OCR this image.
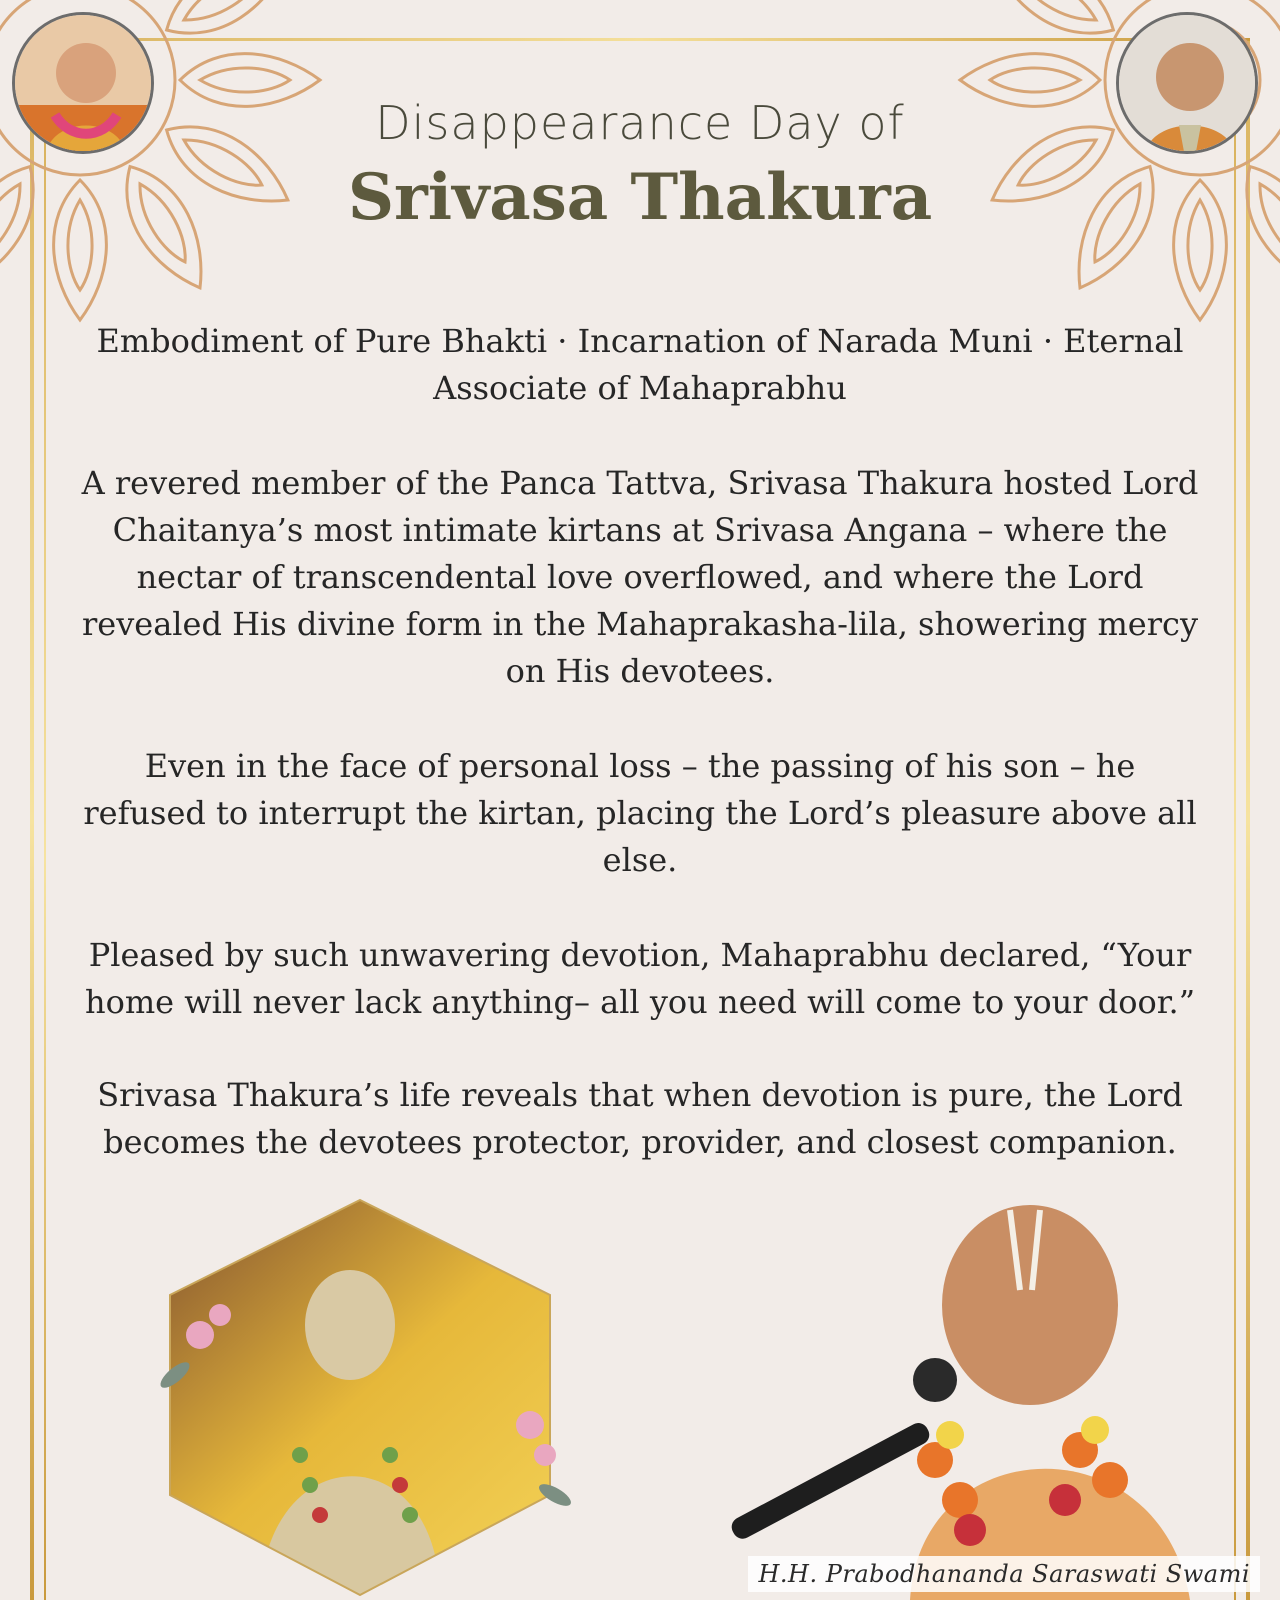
Disappearance Day of
Srivasa Thakura
Embodiment of Pure Bhakti · Incarnation of Narada Muni · Eternal Associate of Mahaprabhu
A revered member of the Panca Tattva, Srivasa Thakura hosted Lord Chaitanya’s most intimate kirtans at Srivasa Angana – where the nectar of transcendental love overflowed, and where the Lord revealed His divine form in the Mahaprakasha-lila, showering mercy on His devotees.
Even in the face of personal loss – the passing of his son – he refused to interrupt the kirtan, placing the Lord’s pleasure above all else.
Pleased by such unwavering devotion, Mahaprabhu declared, “Your home will never lack anything– all you need will come to your door.”
Srivasa Thakura’s life reveals that when devotion is pure, the Lord becomes the devotees protector, provider, and closest companion.
H.H. Prabodhananda Saraswati Swami
